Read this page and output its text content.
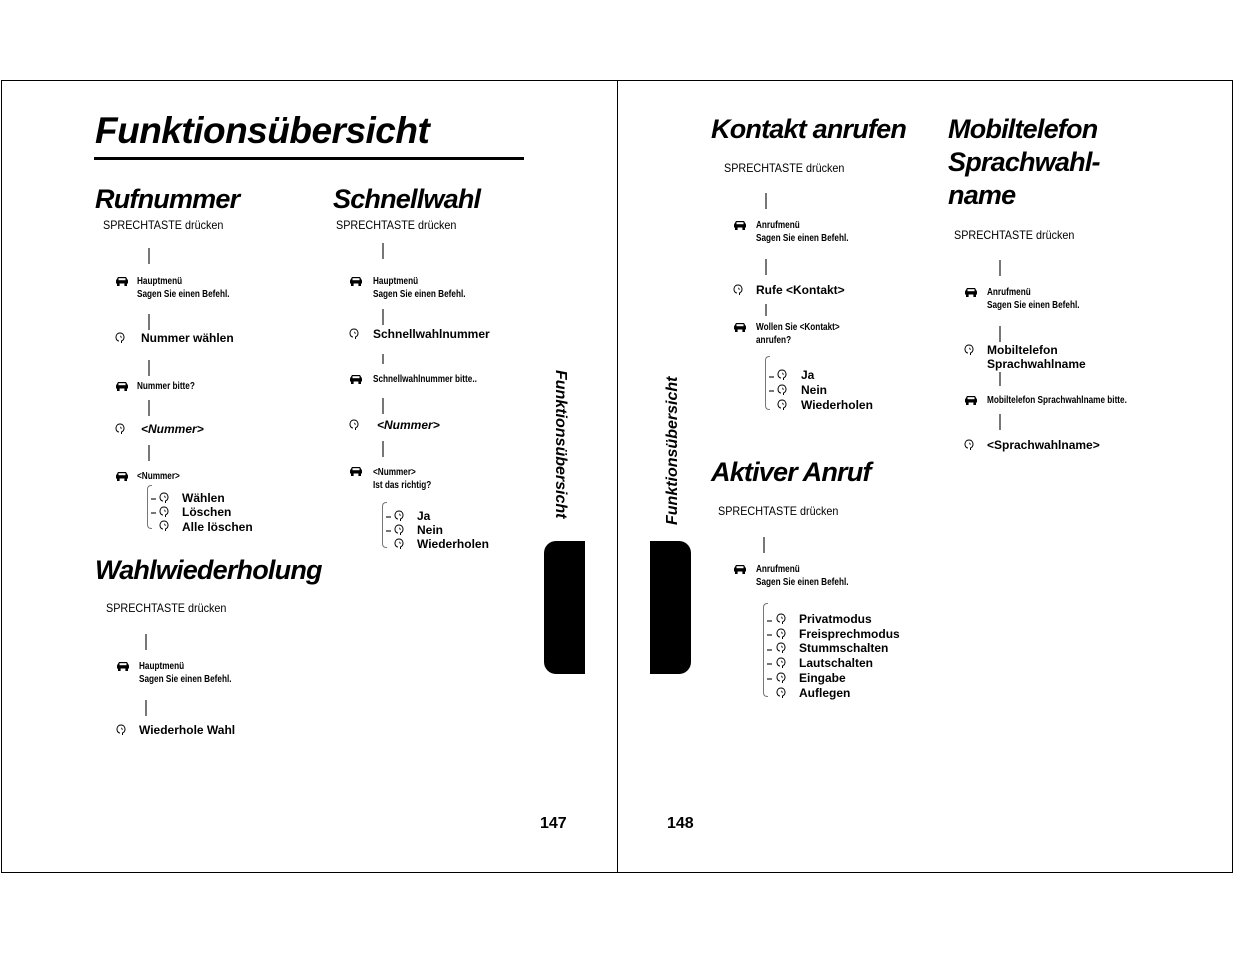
Funktionsübersicht
Rufnummer
SPRECHTASTE drücken
Hauptmenü
Sagen Sie einen Befehl.
Nummer wählen
Nummer bitte?
<Nummer>
<Nummer>
Wählen
Löschen
Alle löschen
Schnellwahl
SPRECHTASTE drücken
Hauptmenü
Sagen Sie einen Befehl.
Schnellwahlnummer
Schnellwahlnummer bitte..
<Nummer>
<Nummer>
Ist das richtig?
Ja
Nein
Wiederholen
Wahlwiederholung
SPRECHTASTE drücken
Hauptmenü
Sagen Sie einen Befehl.
Wiederhole Wahl
Funktionsübersicht
147
Funktionsübersicht
148
Kontakt anrufen
SPRECHTASTE drücken
Anrufmenü
Sagen Sie einen Befehl.
Rufe <Kontakt>
Wollen Sie <Kontakt>
anrufen?
Ja
Nein
Wiederholen
Aktiver Anruf
SPRECHTASTE drücken
Anrufmenü
Sagen Sie einen Befehl.
Privatmodus
Freisprechmodus
Stummschalten
Lautschalten
Eingabe
Auflegen
Mobiltelefon
Sprachwahl-
name
SPRECHTASTE drücken
Anrufmenü
Sagen Sie einen Befehl.
Mobiltelefon
Sprachwahlname
Mobiltelefon Sprachwahlname bitte.
<Sprachwahlname>
